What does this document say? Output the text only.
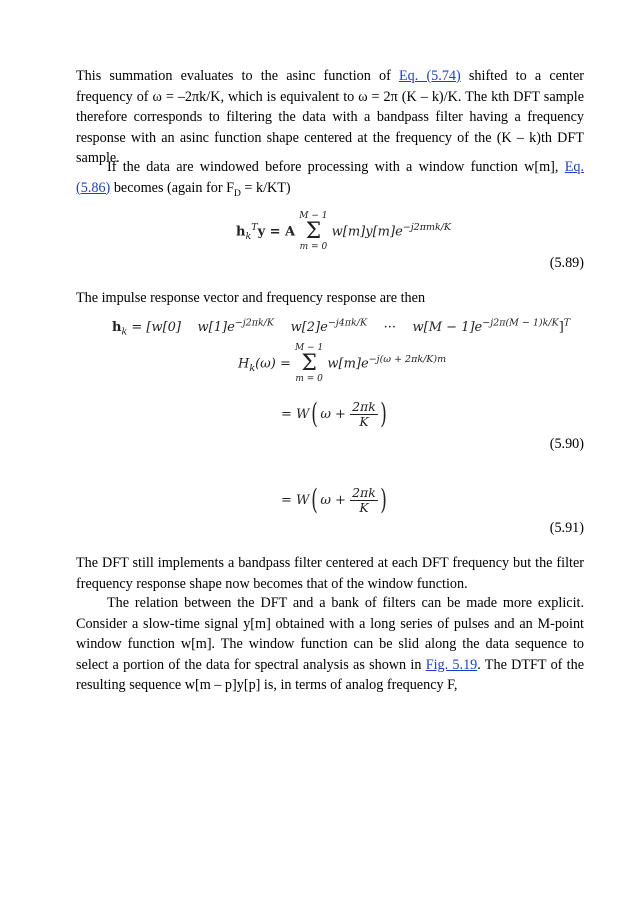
This summation evaluates to the asinc function of Eq. (5.74) shifted to a center frequency of ω = –2πk/K, which is equivalent to ω = 2π (K – k)/K. The kth DFT sample therefore corresponds to filtering the data with a bandpass filter having a frequency response with an asinc function shape centered at the frequency of the (K – k)th DFT sample.
If the data are windowed before processing with a window function w[m], Eq. (5.86) becomes (again for $F_D = k/KT$)
$h_k^Ty = A$
M − 1
Σ
m = 0
$w[m]y[m]e^{-j2\pi mk/K}$
(5.89)
The impulse response vector and frequency response are then
$h_k = [w[0]$ $w[1]e^{-j2\pi k/K}$ $w[2]e^{-j4\pi k/K}$ ··· $w[M - 1]e^{-j2\pi(M - 1)k/K}]^T$
$H_k(\omega)$ =
M − 1
Σ
m = 0
$w[m]e^{-j(\omega + 2\pi k/K)m}$
= W( $\omega + \frac{2\pi k}{K}$ )
(5.90)
= W( $\omega + \frac{2\pi k}{K}$ )
(5.91)
The DFT still implements a bandpass filter centered at each DFT frequency but the filter frequency response shape now becomes that of the window function.
The relation between the DFT and a bank of filters can be made more explicit. Consider a slow-time signal y[m] obtained with a long series of pulses and an M-point window function w[m]. The window function can be slid along the data sequence to select a portion of the data for spectral analysis as shown in Fig. 5.19. The DTFT of the resulting sequence w[m – p]y[p] is, in terms of analog frequency F,
